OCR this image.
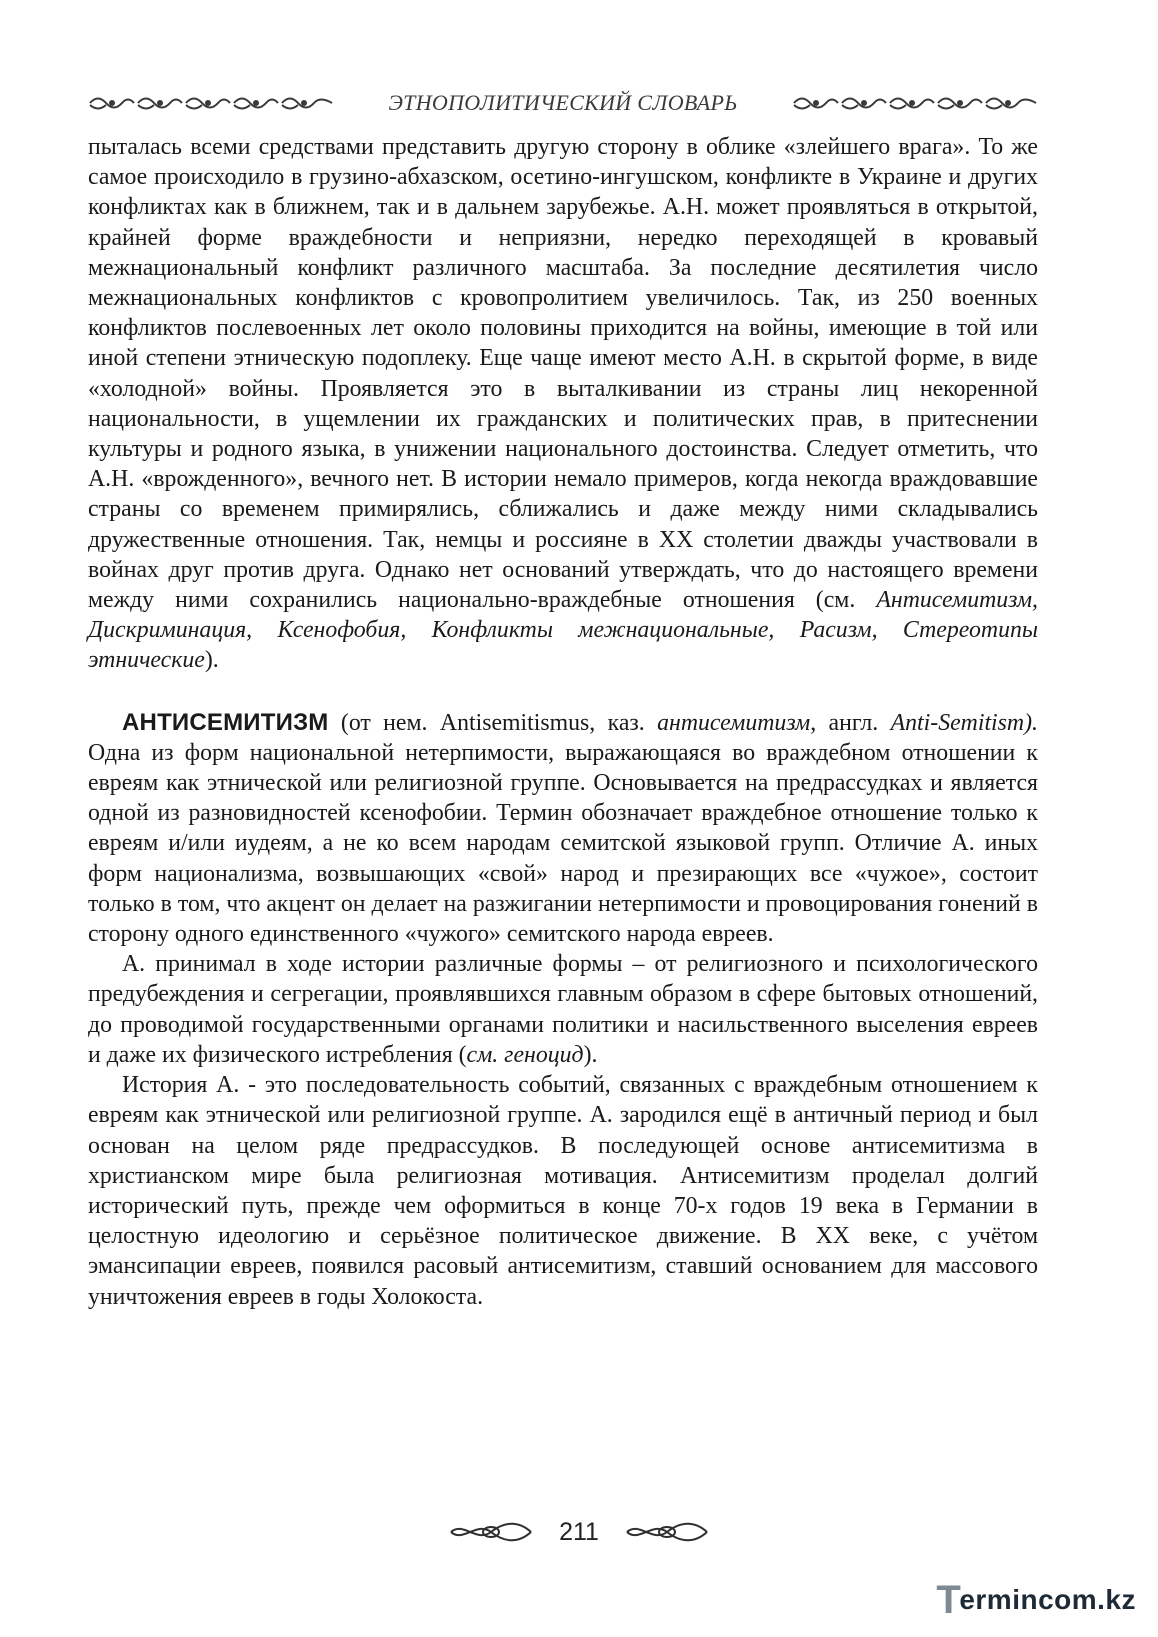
ЭТНОПОЛИТИЧЕСКИЙ СЛОВАРЬ

пыталась всеми средствами представить другую сторону в облике «злейшего врага». То же самое происходило в грузино-абхазском, осетино-ингушском, конфликте в Украине и других конфликтах как в ближнем, так и в дальнем зарубежье. А.Н. может проявляться в открытой, крайней форме враждебности и неприязни, нередко переходящей в кровавый межнациональный конфликт различного масштаба. За последние десятилетия число межнациональных конфликтов с кровопролитием увеличилось. Так, из 250 военных конфликтов послевоенных лет около половины приходится на войны, имеющие в той или иной степени этническую подоплеку. Еще чаще имеют место А.Н. в скрытой форме, в виде «холодной» войны. Проявляется это в выталкивании из страны лиц некоренной национальности, в ущемлении их гражданских и политических прав, в притеснении культуры и родного языка, в унижении национального достоинства. Следует отметить, что А.Н. «врожденного», вечного нет. В истории немало примеров, когда некогда враждовавшие страны со временем примирялись, сближались и даже между ними складывались дружественные отношения. Так, немцы и россияне в XX столетии дважды участвовали в войнах друг против друга. Однако нет оснований утверждать, что до настоящего времени между ними сохранились национально-враждебные отношения (см. Антисемитизм, Дискриминация, Ксенофобия, Конфликты межнациональные, Расизм, Стереотипы этнические).

АНТИСЕМИТИЗМ (от нем. Antisemitismus, каз. антисемитизм, англ. Anti-Semitism). Одна из форм национальной нетерпимости, выражающаяся во враждебном отношении к евреям как этнической или религиозной группе. Основывается на предрассудках и является одной из разновидностей ксенофобии. Термин обозначает враждебное отношение только к евреям и/или иудеям, а не ко всем народам семитской языковой групп. Отличие А. иных форм национализма, возвышающих «свой» народ и презирающих все «чужое», состоит только в том, что акцент он делает на разжигании нетерпимости и провоцирования гонений в сторону одного единственного «чужого» семитского народа евреев.

А. принимал в ходе истории различные формы – от религиозного и психологического предубеждения и сегрегации, проявлявшихся главным образом в сфере бытовых отношений, до проводимой государственными органами политики и насильственного выселения евреев и даже их физического истребления (см. геноцид).

История А. - это последовательность событий, связанных с враждебным отношением к евреям как этнической или религиозной группе. А. зародился ещё в античный период и был основан на целом ряде предрассудков. В последующей основе антисемитизма в христианском мире была религиозная мотивация. Антисемитизм проделал долгий исторический путь, прежде чем оформиться в конце 70-х годов 19 века в Германии в целостную идеологию и серьёзное политическое движение. В XX веке, с учётом эмансипации евреев, появился расовый антисемитизм, ставший основанием для массового уничтожения евреев в годы Холокоста.

211
T
ermincom.kz
